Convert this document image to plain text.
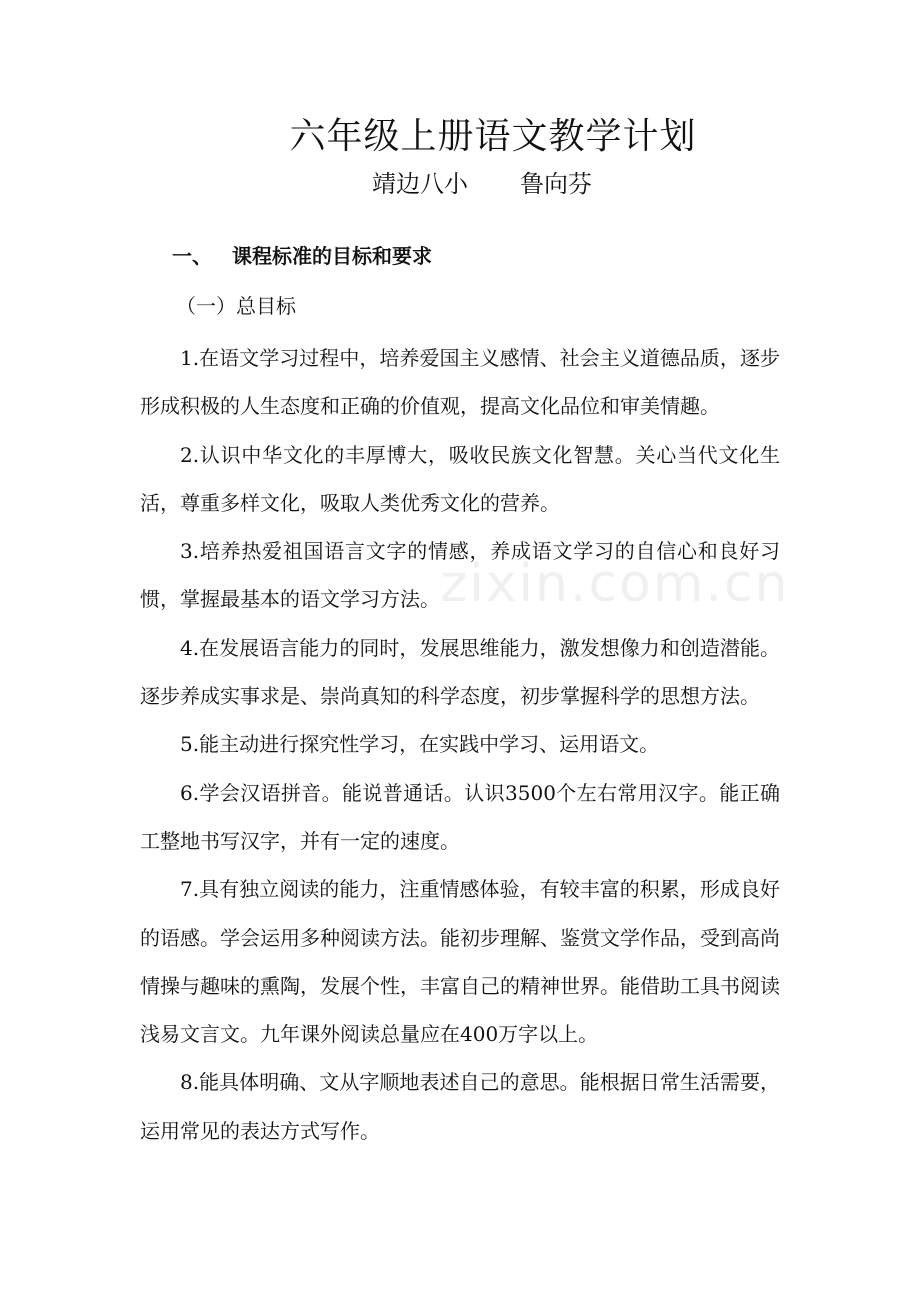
六年级上册语文教学计划
靖边八小 鲁向芬
一、 课程标准的目标和要求
（一）总目标

1.在语文学习过程中，培养爱国主义感情、社会主义道德品质，逐步形成积极的人生态度和正确的价值观，提高文化品位和审美情趣。

2.认识中华文化的丰厚博大，吸收民族文化智慧。关心当代文化生活，尊重多样文化，吸取人类优秀文化的营养。

3.培养热爱祖国语言文字的情感，养成语文学习的自信心和良好习惯，掌握最基本的语文学习方法。

4.在发展语言能力的同时，发展思维能力，激发想像力和创造潜能。逐步养成实事求是、崇尚真知的科学态度，初步掌握科学的思想方法。

5.能主动进行探究性学习，在实践中学习、运用语文。

6.学会汉语拼音。能说普通话。认识3500个左右常用汉字。能正确工整地书写汉字，并有一定的速度。

7.具有独立阅读的能力，注重情感体验，有较丰富的积累，形成良好的语感。学会运用多种阅读方法。能初步理解、鉴赏文学作品，受到高尚情操与趣味的熏陶，发展个性，丰富自己的精神世界。能借助工具书阅读浅易文言文。九年课外阅读总量应在400万字以上。

8.能具体明确、文从字顺地表述自己的意思。能根据日常生活需要，运用常见的表达方式写作。

zixin.com.cn
